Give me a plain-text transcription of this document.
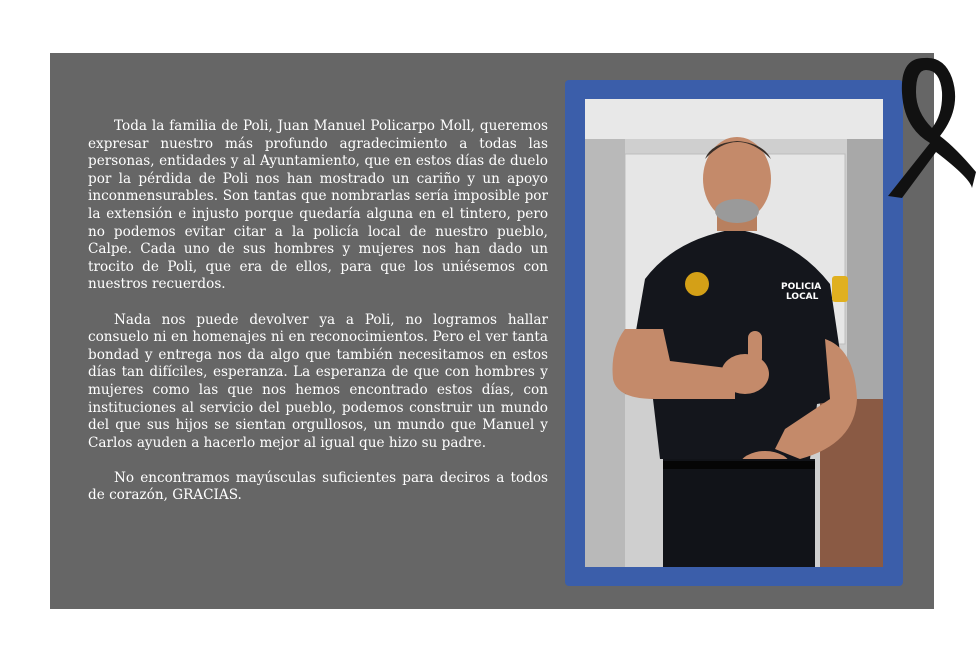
Toda la familia de Poli, Juan Manuel Policarpo Moll, queremos expresar nuestro más profundo agradecimiento a todas las personas, entidades y al Ayuntamiento, que en estos días de duelo por la pérdida de Poli nos han mostrado un cariño y un apoyo inconmensurables. Son tantas que nombrarlas sería imposible por la extensión e injusto porque quedaría alguna en el tintero, pero no podemos evitar citar a la policía local de nuestro pueblo, Calpe. Cada uno de sus hombres y mujeres nos han dado un trocito de Poli, que era de ellos, para que los uniésemos con nuestros recuerdos.

Nada nos puede devolver ya a Poli, no logramos hallar consuelo ni en homenajes ni en reconocimientos. Pero el ver tanta bondad y entrega nos da algo que también necesitamos en estos días tan difíciles, esperanza. La esperanza de que con hombres y mujeres como las que nos hemos encontrado estos días, con instituciones al servicio del pueblo, podemos construir un mundo del que sus hijos se sientan orgullosos, un mundo que Manuel y Carlos ayuden a hacerlo mejor al igual que hizo su padre.

No encontramos mayúsculas suficientes para deciros a todos de corazón, GRACIAS.

POLICIA
LOCAL
